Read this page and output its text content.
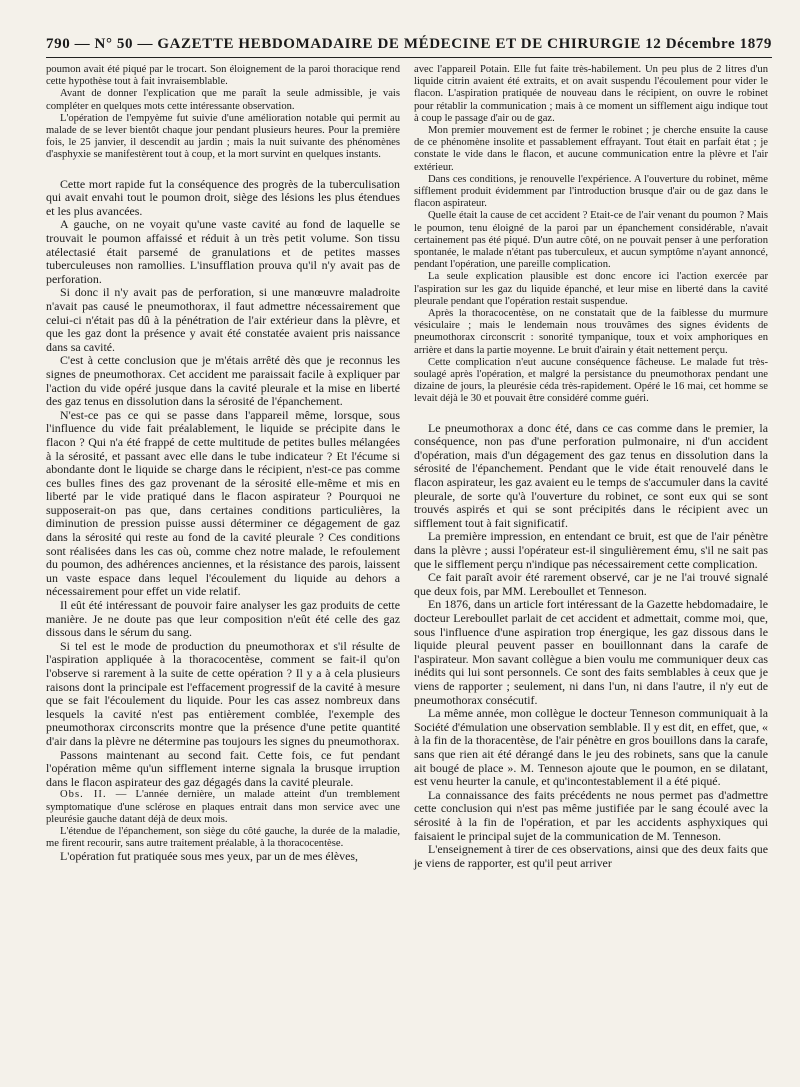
790 — N° 50 — GAZETTE HEBDOMADAIRE DE MÉDECINE ET DE CHIRURGIE 12 Décembre 1879

poumon avait été piqué par le trocart. Son éloignement de la paroi thoracique rend cette hypothèse tout à fait invraisemblable.

Avant de donner l'explication que me paraît la seule admissible, je vais compléter en quelques mots cette intéressante observation.

L'opération de l'empyème fut suivie d'une amélioration notable qui permit au malade de se lever bientôt chaque jour pendant plusieurs heures. Pour la première fois, le 25 janvier, il descendit au jardin ; mais la nuit suivante des phénomènes d'asphyxie se manifestèrent tout à coup, et la mort survint en quelques instants.

Cette mort rapide fut la conséquence des progrès de la tuberculisation qui avait envahi tout le poumon droit, siège des lésions les plus étendues et les plus avancées.

A gauche, on ne voyait qu'une vaste cavité au fond de laquelle se trouvait le poumon affaissé et réduit à un très petit volume. Son tissu atélectasié était parsemé de granulations et de petites masses tuberculeuses non ramollies. L'insufflation prouva qu'il n'y avait pas de perforation.

Si donc il n'y avait pas de perforation, si une manœuvre maladroite n'avait pas causé le pneumothorax, il faut admettre nécessairement que celui-ci n'était pas dû à la pénétration de l'air extérieur dans la plèvre, et que les gaz dont la présence y avait été constatée avaient pris naissance dans sa cavité.

C'est à cette conclusion que je m'étais arrêté dès que je reconnus les signes de pneumothorax. Cet accident me paraissait facile à expliquer par l'action du vide opéré jusque dans la cavité pleurale et la mise en liberté des gaz tenus en dissolution dans la sérosité de l'épanchement.

N'est-ce pas ce qui se passe dans l'appareil même, lorsque, sous l'influence du vide fait préalablement, le liquide se précipite dans le flacon ? Qui n'a été frappé de cette multitude de petites bulles mélangées à la sérosité, et passant avec elle dans le tube indicateur ? Et l'écume si abondante dont le liquide se charge dans le récipient, n'est-ce pas comme ces bulles fines des gaz provenant de la sérosité elle-même et mis en liberté par le vide pratiqué dans le flacon aspirateur ? Pourquoi ne supposerait-on pas que, dans certaines conditions particulières, la diminution de pression puisse aussi déterminer ce dégagement de gaz dans la sérosité qui reste au fond de la cavité pleurale ? Ces conditions sont réalisées dans les cas où, comme chez notre malade, le refoulement du poumon, des adhérences anciennes, et la résistance des parois, laissent un vaste espace dans lequel l'écoulement du liquide au dehors a nécessairement pour effet un vide relatif.

Il eût été intéressant de pouvoir faire analyser les gaz produits de cette manière. Je ne doute pas que leur composition n'eût été celle des gaz dissous dans le sérum du sang.

Si tel est le mode de production du pneumothorax et s'il résulte de l'aspiration appliquée à la thoracocentèse, comment se fait-il qu'on l'observe si rarement à la suite de cette opération ? Il y a à cela plusieurs raisons dont la principale est l'effacement progressif de la cavité à mesure que se fait l'écoulement du liquide. Pour les cas assez nombreux dans lesquels la cavité n'est pas entièrement comblée, l'exemple des pneumothorax circonscrits montre que la présence d'une petite quantité d'air dans la plèvre ne détermine pas toujours les signes du pneumothorax.

Passons maintenant au second fait. Cette fois, ce fut pendant l'opération même qu'un sifflement interne signala la brusque irruption dans le flacon aspirateur des gaz dégagés dans la cavité pleurale.

Obs. II. — L'année dernière, un malade atteint d'un tremblement symptomatique d'une sclérose en plaques entrait dans mon service avec une pleurésie gauche datant déjà de deux mois.

L'étendue de l'épanchement, son siège du côté gauche, la durée de la maladie, me firent recourir, sans autre traitement préalable, à la thoracocentèse.

L'opération fut pratiquée sous mes yeux, par un de mes élèves,

avec l'appareil Potain. Elle fut faite très-habilement. Un peu plus de 2 litres d'un liquide citrin avaient été extraits, et on avait suspendu l'écoulement pour vider le flacon. L'aspiration pratiquée de nouveau dans le récipient, on ouvre le robinet pour rétablir la communication ; mais à ce moment un sifflement aigu indique tout à coup le passage d'air ou de gaz.

Mon premier mouvement est de fermer le robinet ; je cherche ensuite la cause de ce phénomène insolite et passablement effrayant. Tout était en parfait état ; je constate le vide dans le flacon, et aucune communication entre la plèvre et l'air extérieur.

Dans ces conditions, je renouvelle l'expérience. A l'ouverture du robinet, même sifflement produit évidemment par l'introduction brusque d'air ou de gaz dans le flacon aspirateur.

Quelle était la cause de cet accident ? Etait-ce de l'air venant du poumon ? Mais le poumon, tenu éloigné de la paroi par un épanchement considérable, n'avait certainement pas été piqué. D'un autre côté, on ne pouvait penser à une perforation spontanée, le malade n'étant pas tuberculeux, et aucun symptôme n'ayant annoncé, pendant l'opération, une pareille complication.

La seule explication plausible est donc encore ici l'action exercée par l'aspiration sur les gaz du liquide épanché, et leur mise en liberté dans la cavité pleurale pendant que l'opération restait suspendue.

Après la thoracocentèse, on ne constatait que de la faiblesse du murmure vésiculaire ; mais le lendemain nous trouvâmes des signes évidents de pneumothorax circonscrit : sonorité tympanique, toux et voix amphoriques en arrière et dans la partie moyenne. Le bruit d'airain y était nettement perçu.

Cette complication n'eut aucune conséquence fâcheuse. Le malade fut très-soulagé après l'opération, et malgré la persistance du pneumothorax pendant une dizaine de jours, la pleurésie céda très-rapidement. Opéré le 16 mai, cet homme se levait déjà le 30 et pouvait être considéré comme guéri.

Le pneumothorax a donc été, dans ce cas comme dans le premier, la conséquence, non pas d'une perforation pulmonaire, ni d'un accident d'opération, mais d'un dégagement des gaz tenus en dissolution dans la sérosité de l'épanchement. Pendant que le vide était renouvelé dans le flacon aspirateur, les gaz avaient eu le temps de s'accumuler dans la cavité pleurale, de sorte qu'à l'ouverture du robinet, ce sont eux qui se sont trouvés aspirés et qui se sont précipités dans le récipient avec un sifflement tout à fait significatif.

La première impression, en entendant ce bruit, est que de l'air pénètre dans la plèvre ; aussi l'opérateur est-il singulièrement ému, s'il ne sait pas que le sifflement perçu n'indique pas nécessairement cette complication.

Ce fait paraît avoir été rarement observé, car je ne l'ai trouvé signalé que deux fois, par MM. Lereboullet et Tenneson.

En 1876, dans un article fort intéressant de la Gazette hebdomadaire, le docteur Lereboullet parlait de cet accident et admettait, comme moi, que, sous l'influence d'une aspiration trop énergique, les gaz dissous dans le liquide pleural peuvent passer en bouillonnant dans la carafe de l'aspirateur. Mon savant collègue a bien voulu me communiquer deux cas inédits qui lui sont personnels. Ce sont des faits semblables à ceux que je viens de rapporter ; seulement, ni dans l'un, ni dans l'autre, il n'y eut de pneumothorax consécutif.

La même année, mon collègue le docteur Tenneson communiquait à la Société d'émulation une observation semblable. Il y est dit, en effet, que, « à la fin de la thoracentèse, de l'air pénètre en gros bouillons dans la carafe, sans que rien ait été dérangé dans le jeu des robinets, sans que la canule ait bougé de place ». M. Tenneson ajoute que le poumon, en se dilatant, est venu heurter la canule, et qu'incontestablement il a été piqué.

La connaissance des faits précédents ne nous permet pas d'admettre cette conclusion qui n'est pas même justifiée par le sang écoulé avec la sérosité à la fin de l'opération, et par les accidents asphyxiques qui faisaient le principal sujet de la communication de M. Tenneson.

L'enseignement à tirer de ces observations, ainsi que des deux faits que je viens de rapporter, est qu'il peut arriver
